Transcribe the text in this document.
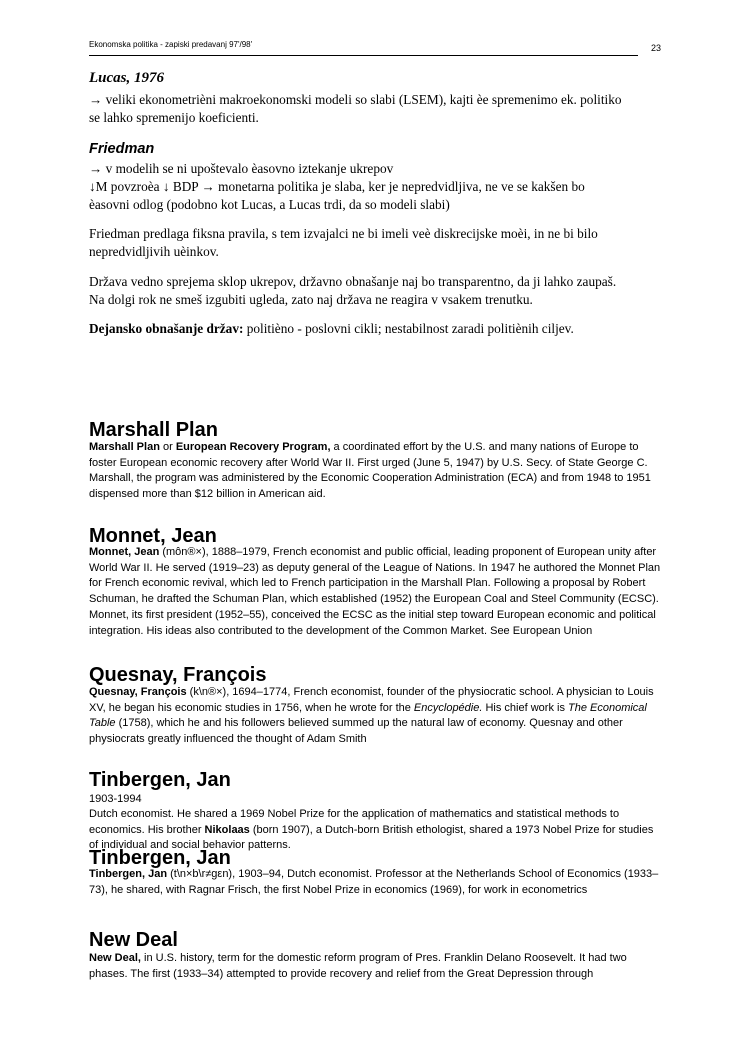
Ekonomska politika - zapiski predavanj 97'/98'	23
Lucas, 1976

→ veliki ekonometrièni makroekonomski modeli so slabi (LSEM), kajti èe spremenimo ek. politiko

se lahko spremenijo koeficienti.

Friedman

→ v modelih se ni upoštevalo èasovno iztekanje ukrepov

↓M povzroèa ↓ BDP → monetarna politika je slaba, ker je nepredvidljiva, ne ve se kakšen bo

èasovni odlog (podobno kot Lucas, a Lucas trdi, da so modeli slabi)

Friedman predlaga fiksna pravila, s tem izvajalci ne bi imeli veè diskrecijske moèi, in ne bi bilo

nepredvidljivih uèinkov.

Država vedno sprejema sklop ukrepov, državno obnašanje naj bo transparentno, da ji lahko zaupaš.

Na dolgi rok ne smeš izgubiti ugleda, zato naj država ne reagira v vsakem trenutku.

Dejansko obnašanje držav: politièno - poslovni cikli; nestabilnost zaradi politiènih ciljev.
Marshall Plan
Marshall Plan or European Recovery Program, a coordinated effort by the U.S. and many nations of Europe to foster European economic recovery after World War II. First urged (June 5, 1947) by U.S. Secy. of State George C. Marshall, the program was administered by the Economic Cooperation Administration (ECA) and from 1948 to 1951 dispensed more than $12 billion in American aid.
Monnet, Jean
Monnet, Jean (môn®×), 1888–1979, French economist and public official, leading proponent of European unity after World War II. He served (1919–23) as deputy general of the League of Nations. In 1947 he authored the Monnet Plan for French economic revival, which led to French participation in the Marshall Plan. Following a proposal by Robert Schuman, he drafted the Schuman Plan, which established (1952) the European Coal and Steel Community (ECSC). Monnet, its first president (1952–55), conceived the ECSC as the initial step toward European economic and political integration. His ideas also contributed to the development of the Common Market. See European Union
Quesnay, François
Quesnay, François (k\n®×), 1694–1774, French economist, founder of the physiocratic school. A physician to Louis XV, he began his economic studies in 1756, when he wrote for the Encyclopédie. His chief work is The Economical Table (1758), which he and his followers believed summed up the natural law of economy. Quesnay and other physiocrats greatly influenced the thought of Adam Smith
Tinbergen, Jan
1903-1994
Dutch economist. He shared a 1969 Nobel Prize for the application of mathematics and statistical methods to economics. His brother Nikolaas (born 1907), a Dutch-born British ethologist, shared a 1973 Nobel Prize for studies of individual and social behavior patterns.
Tinbergen, Jan
Tinbergen, Jan (t\n×b\r≠gεn), 1903–94, Dutch economist. Professor at the Netherlands School of Economics (1933–73), he shared, with Ragnar Frisch, the first Nobel Prize in economics (1969), for work in econometrics
New Deal
New Deal, in U.S. history, term for the domestic reform program of Pres. Franklin Delano Roosevelt. It had two phases. The first (1933–34) attempted to provide recovery and relief from the Great Depression through
